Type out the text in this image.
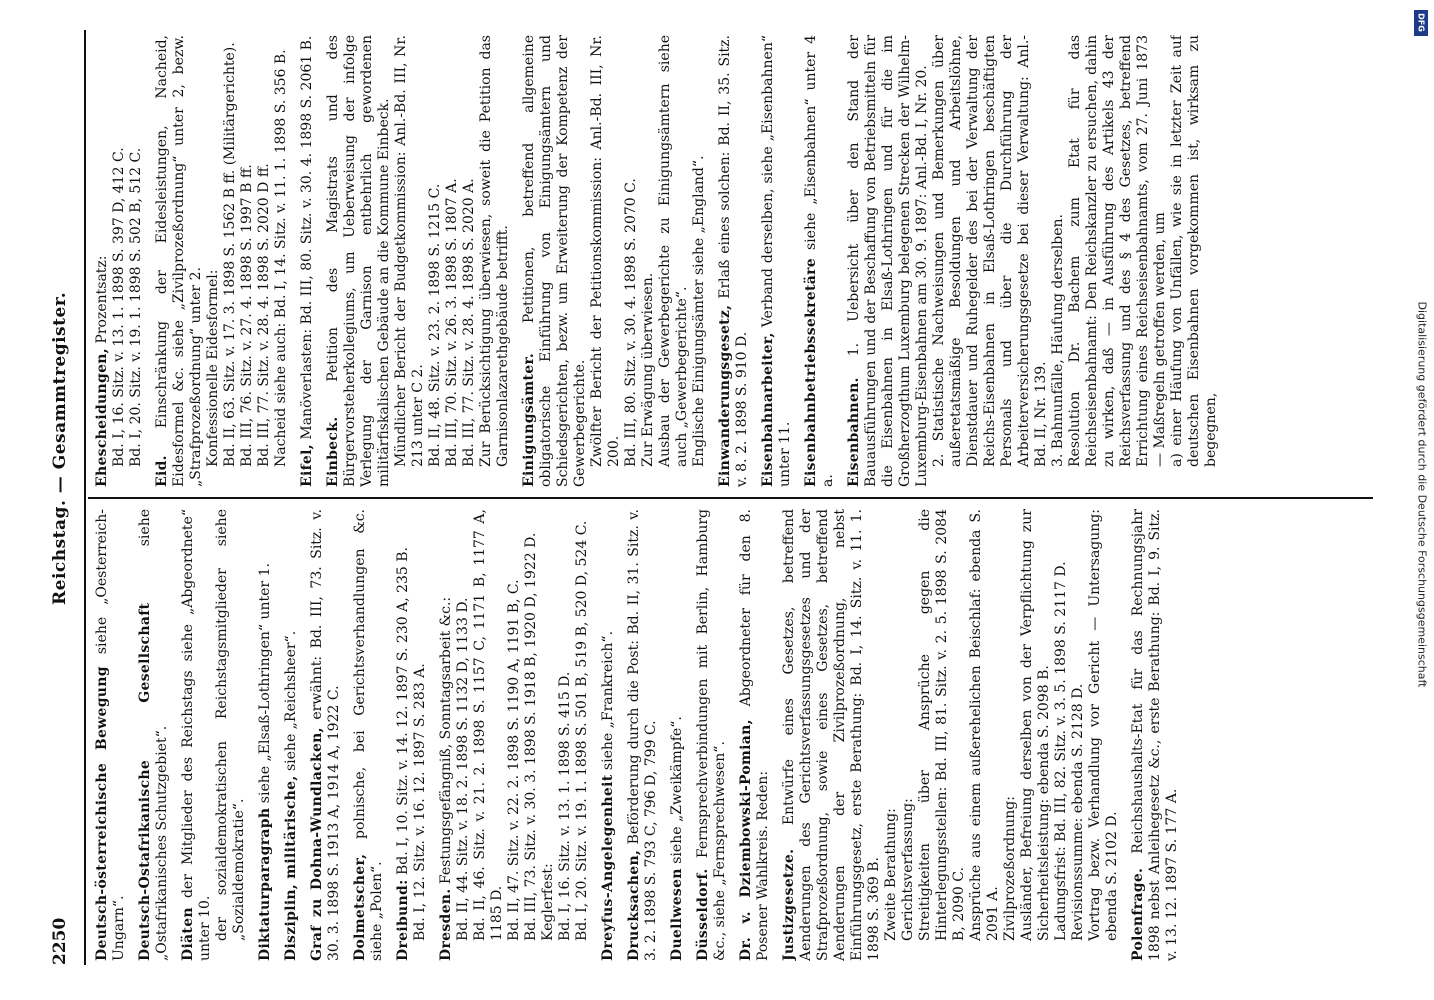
2250
Reichstag. — Gesammtregister.

Deutsch-österreichische Bewegung siehe „Oesterreich-Ungarn“. Deutsch-Ostafrikanische Gesellschaft siehe „Ostafrikanisches Schutzgebiet“. Diäten der Mitglieder des Reichstags siehe „Abgeordnete“ unter 10. der sozialdemokratischen Reichstagsmitglieder siehe „Sozialdemokratie“. Diktaturparagraph siehe „Elsaß-Lothringen“ unter 1.

Disziplin, militärische, siehe „Reichsheer“.

Graf zu Dohna-Wundlacken, erwähnt: Bd. III, 73. Sitz. v. 30. 3. 1898 S. 1913 A, 1914 A, 1922 C. Dolmetscher, polnische, bei Gerichtsverhandlungen &c. siehe „Polen“. Dreibund: Bd. I, 10. Sitz. v. 14. 12. 1897 S. 230 A, 235 B. Bd. I, 12. Sitz. v. 16. 12. 1897 S. 283 A. Dresden. Festungsgefängniß, Sonntagsarbeit &c.: Bd. II, 44. Sitz. v. 18. 2. 1898 S. 1132 D, 1133 D. Bd. II, 46. Sitz. v. 21. 2. 1898 S. 1157 C, 1171 B, 1177 A, 1185 D. Bd. II, 47. Sitz. v. 22. 2. 1898 S. 1190 A, 1191 B, C. Bd. III, 73. Sitz. v. 30. 3. 1898 S. 1918 B, 1920 D, 1922 D. Keglerfest: Bd. I, 16. Sitz. v. 13. 1. 1898 S. 415 D. Bd. I, 20. Sitz. v. 19. 1. 1898 S. 501 B, 519 B, 520 D, 524 C. Dreyfus-Angelegenheit siehe „Frankreich“.

Drucksachen, Beförderung durch die Post: Bd. II, 31. Sitz. v. 3. 2. 1898 S. 793 C, 796 D, 799 C. Duellwesen siehe „Zweikämpfe“.

Düsseldorf. Fernsprechverbindungen mit Berlin, Hamburg &c., siehe „Fernsprechwesen“. Dr. v. Dziembowski-Pomian, Abgeordneter für den 8. Posener Wahlkreis. Reden: Justizgesetze. Entwürfe eines Gesetzes, betreffend Aenderungen des Gerichtsverfassungsgesetzes und der Strafprozeßordnung, sowie eines Gesetzes, betreffend Aenderungen der Zivilprozeßordnung, nebst Einführungsgesetz, erste Berathung: Bd. I, 14. Sitz. v. 11. 1. 1898 S. 369 B. Zweite Berathung: Gerichtsverfassung: Streitigkeiten über Ansprüche gegen die Hinterlegungsstellen: Bd. III, 81. Sitz. v. 2. 5. 1898 S. 2084 B, 2090 C. Ansprüche aus einem außerehelichen Beischlaf: ebenda S. 2091 A. Zivilprozeßordnung: Ausländer, Befreiung derselben von der Verpflichtung zur Sicherheitsleistung: ebenda S. 2098 B. Ladungsfrist: Bd. III, 82. Sitz. v. 3. 5. 1898 S. 2117 D. Revisionssumme: ebenda S. 2128 D. Vortrag bezw. Verhandlung vor Gericht — Untersagung: ebenda S. 2102 D. Polenfrage. Reichshaushalts-Etat für das Rechnungsjahr 1898 nebst Anleihegesetz &c., erste Berathung: Bd. I, 9. Sitz. v. 13. 12. 1897 S. 177 A.

Ehescheidungen, Prozentsatz: Bd. I, 16. Sitz. v. 13. 1. 1898 S. 397 D, 412 C. Bd. I, 20. Sitz. v. 19. 1. 1898 S. 502 B, 512 C.

Eid. Einschränkung der Eidesleistungen, Nacheid, Eidesformel &c. siehe „Zivilprozeßordnung“ unter 2, bezw. „Strafprozeßordnung“ unter 2. Konfessionelle Eidesformel: Bd. II, 63. Sitz. v. 17. 3. 1898 S. 1562 B ff. (Militärgerichte). Bd. III, 76. Sitz. v. 27. 4. 1898 S. 1997 B ff. Bd. III, 77. Sitz. v. 28. 4. 1898 S. 2020 D ff. Nacheid siehe auch: Bd. I, 14. Sitz. v. 11. 1. 1898 S. 356 B. Eifel, Manöverlasten: Bd. III, 80. Sitz. v. 30. 4. 1898 S. 2061 B.

Einbeck. Petition des Magistrats und des Bürgervorsteherkollegiums, um Ueberweisung der infolge Verlegung der Garnison entbehrlich gewordenen militärfiskalischen Gebäude an die Kommune Einbeck. Mündlicher Bericht der Budgetkommission: Anl.-Bd. III, Nr. 213 unter C 2. Bd. II, 48. Sitz. v. 23. 2. 1898 S. 1215 C. Bd. III, 70. Sitz. v. 26. 3. 1898 S. 1807 A. Bd. III, 77. Sitz. v. 28. 4. 1898 S. 2020 A. Zur Berücksichtigung überwiesen, soweit die Petition das Garnisonlazarethgebäude betrifft. Einigungsämter. Petitionen, betreffend allgemeine obligatorische Einführung von Einigungsämtern und Schiedsgerichten, bezw. um Erweiterung der Kompetenz der Gewerbegerichte. Zwölfter Bericht der Petitionskommission: Anl.-Bd. III, Nr. 200. Bd. III, 80. Sitz. v. 30. 4. 1898 S. 2070 C. Zur Erwägung überwiesen. Ausbau der Gewerbegerichte zu Einigungsämtern siehe auch „Gewerbegerichte“. Englische Einigungsämter siehe „England“. Einwanderungsgesetz, Erlaß eines solchen: Bd. II, 35. Sitz. v. 8. 2. 1898 S. 910 D. Eisenbahnarbeiter, Verband derselben, siehe „Eisenbahnen“ unter 11. Eisenbahnbetriebssekretäre siehe „Eisenbahnen“ unter 4 a. Eisenbahnen. 1. Uebersicht über den Stand der Bauausführungen und der Beschaffung von Betriebsmitteln für die Eisenbahnen in Elsaß-Lothringen und für die im Großherzogthum Luxemburg belegenen Strecken der Wilhelm-Luxemburg-Eisenbahnen am 30. 9. 1897: Anl.-Bd. I, Nr. 20. 2. Statistische Nachweisungen und Bemerkungen über außeretatsmäßige Besoldungen und Arbeitslöhne, Dienstdauer und Ruhegelder des bei der Verwaltung der Reichs-Eisenbahnen in Elsaß-Lothringen beschäftigten Personals und über die Durchführung der Arbeiterversicherungsgesetze bei dieser Verwaltung: Anl.-Bd. II, Nr. 139. 3. Bahnunfälle, Häufung derselben. Resolution Dr. Bachem zum Etat für das Reichseisenbahnamt: Den Reichskanzler zu ersuchen, dahin zu wirken, daß — in Ausführung des Artikels 43 der Reichsverfassung und des § 4 des Gesetzes, betreffend Errichtung eines Reichseisenbahnamts, vom 27. Juni 1873 — Maßregeln getroffen werden, um a) einer Häufung von Unfällen, wie sie in letzter Zeit auf deutschen Eisenbahnen vorgekommen ist, wirksam zu begegnen,

DFG
Digitalisierung gefördert durch die Deutsche Forschungsgemeinschaft
